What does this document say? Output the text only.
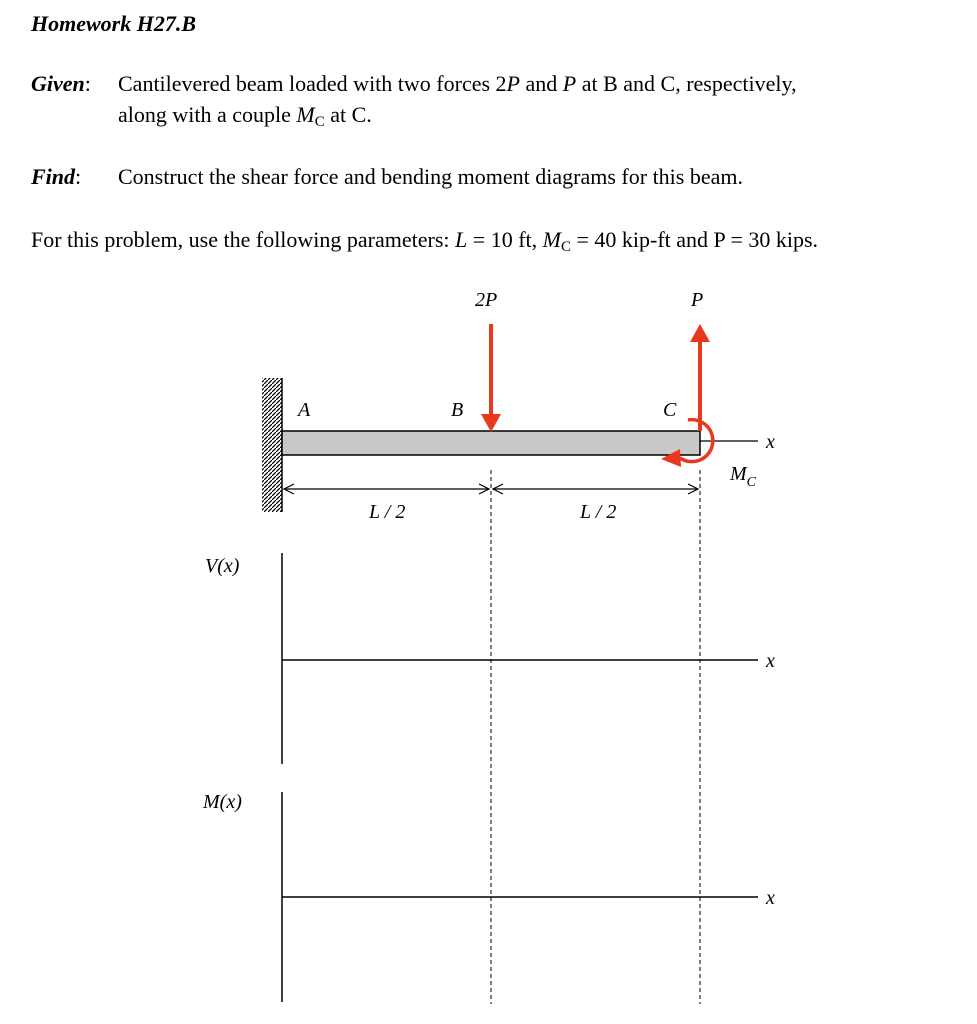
Homework H27.B
Given: Cantilevered beam loaded with two forces 2P and P at B and C, respectively,
along with a couple $M_C$ at C.
Find: Construct the shear force and bending moment diagrams for this beam.
For this problem, use the following parameters: L = 10 ft, $M_C = 40$ kip-ft and P = 30 kips.
x
A	B	C
2P	P
$M_C$
L / 2	L / 2
V(x)
x
M(x)
x
